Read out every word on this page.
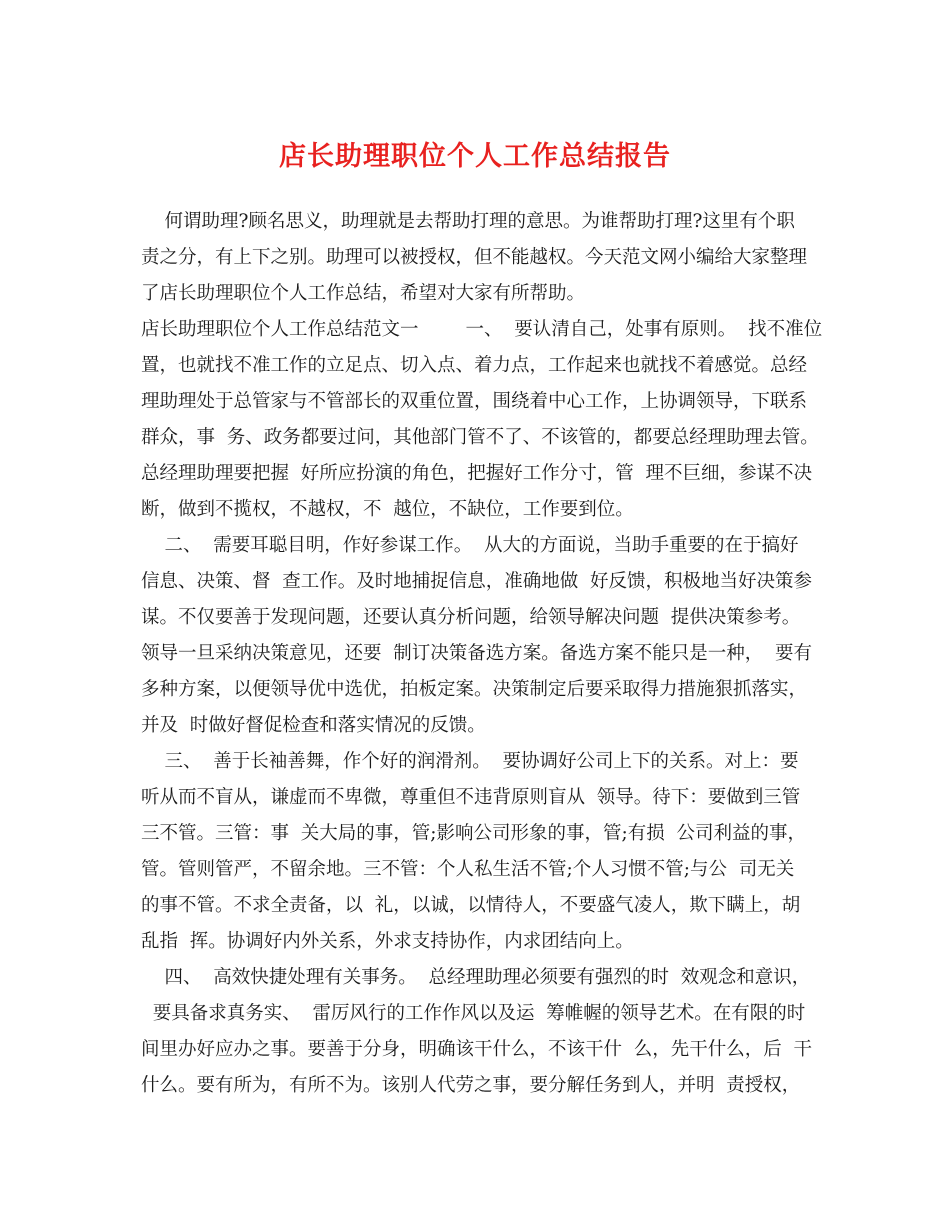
店长助理职位个人工作总结报告

何谓助理?顾名思义，助理就是去帮助打理的意思。为谁帮助打理?这里有个职

责之分，有上下之别。助理可以被授权，但不能越权。今天范文网小编给大家整理

了店长助理职位个人工作总结，希望对大家有所帮助。

店长助理职位个人工作总结范文一        一、  要认清自己，处事有原则。  找不准位

置，也就找不准工作的立足点、切入点、着力点，工作起来也就找不着感觉。总经

理助理处于总管家与不管部长的双重位置，围绕着中心工作，上协调领导，下联系

群众，事  务、政务都要过问，其他部门管不了、不该管的，都要总经理助理去管。

总经理助理要把握  好所应扮演的角色，把握好工作分寸，管  理不巨细，参谋不决

断，做到不揽权，不越权，不  越位，不缺位，工作要到位。

二、  需要耳聪目明，作好参谋工作。  从大的方面说，当助手重要的在于搞好

信息、决策、督  查工作。及时地捕捉信息，准确地做  好反馈，积极地当好决策参

谋。不仅要善于发现问题，还要认真分析问题，给领导解决问题  提供决策参考。

领导一旦采纳决策意见，还要  制订决策备选方案。备选方案不能只是一种，  要有

多种方案，以便领导优中选优，拍板定案。决策制定后要采取得力措施狠抓落实，

并及  时做好督促检查和落实情况的反馈。

三、  善于长袖善舞，作个好的润滑剂。  要协调好公司上下的关系。对上：要

听从而不盲从，谦虚而不卑微，尊重但不违背原则盲从  领导。待下：要做到三管

三不管。三管：事  关大局的事，管;影响公司形象的事，管;有损  公司利益的事，

管。管则管严，不留余地。三不管：个人私生活不管;个人习惯不管;与公  司无关

的事不管。不求全责备，以  礼，以诚，以情待人，不要盛气凌人，欺下瞒上，胡

乱指  挥。协调好内外关系，外求支持协作，内求团结向上。

四、  高效快捷处理有关事务。  总经理助理必须要有强烈的时  效观念和意识，

要具备求真务实、  雷厉风行的工作作风以及运  筹帷幄的领导艺术。在有限的时

间里办好应办之事。要善于分身，明确该干什么，不该干什  么，先干什么，后  干

什么。要有所为，有所不为。该别人代劳之事，要分解任务到人，并明  责授权，
